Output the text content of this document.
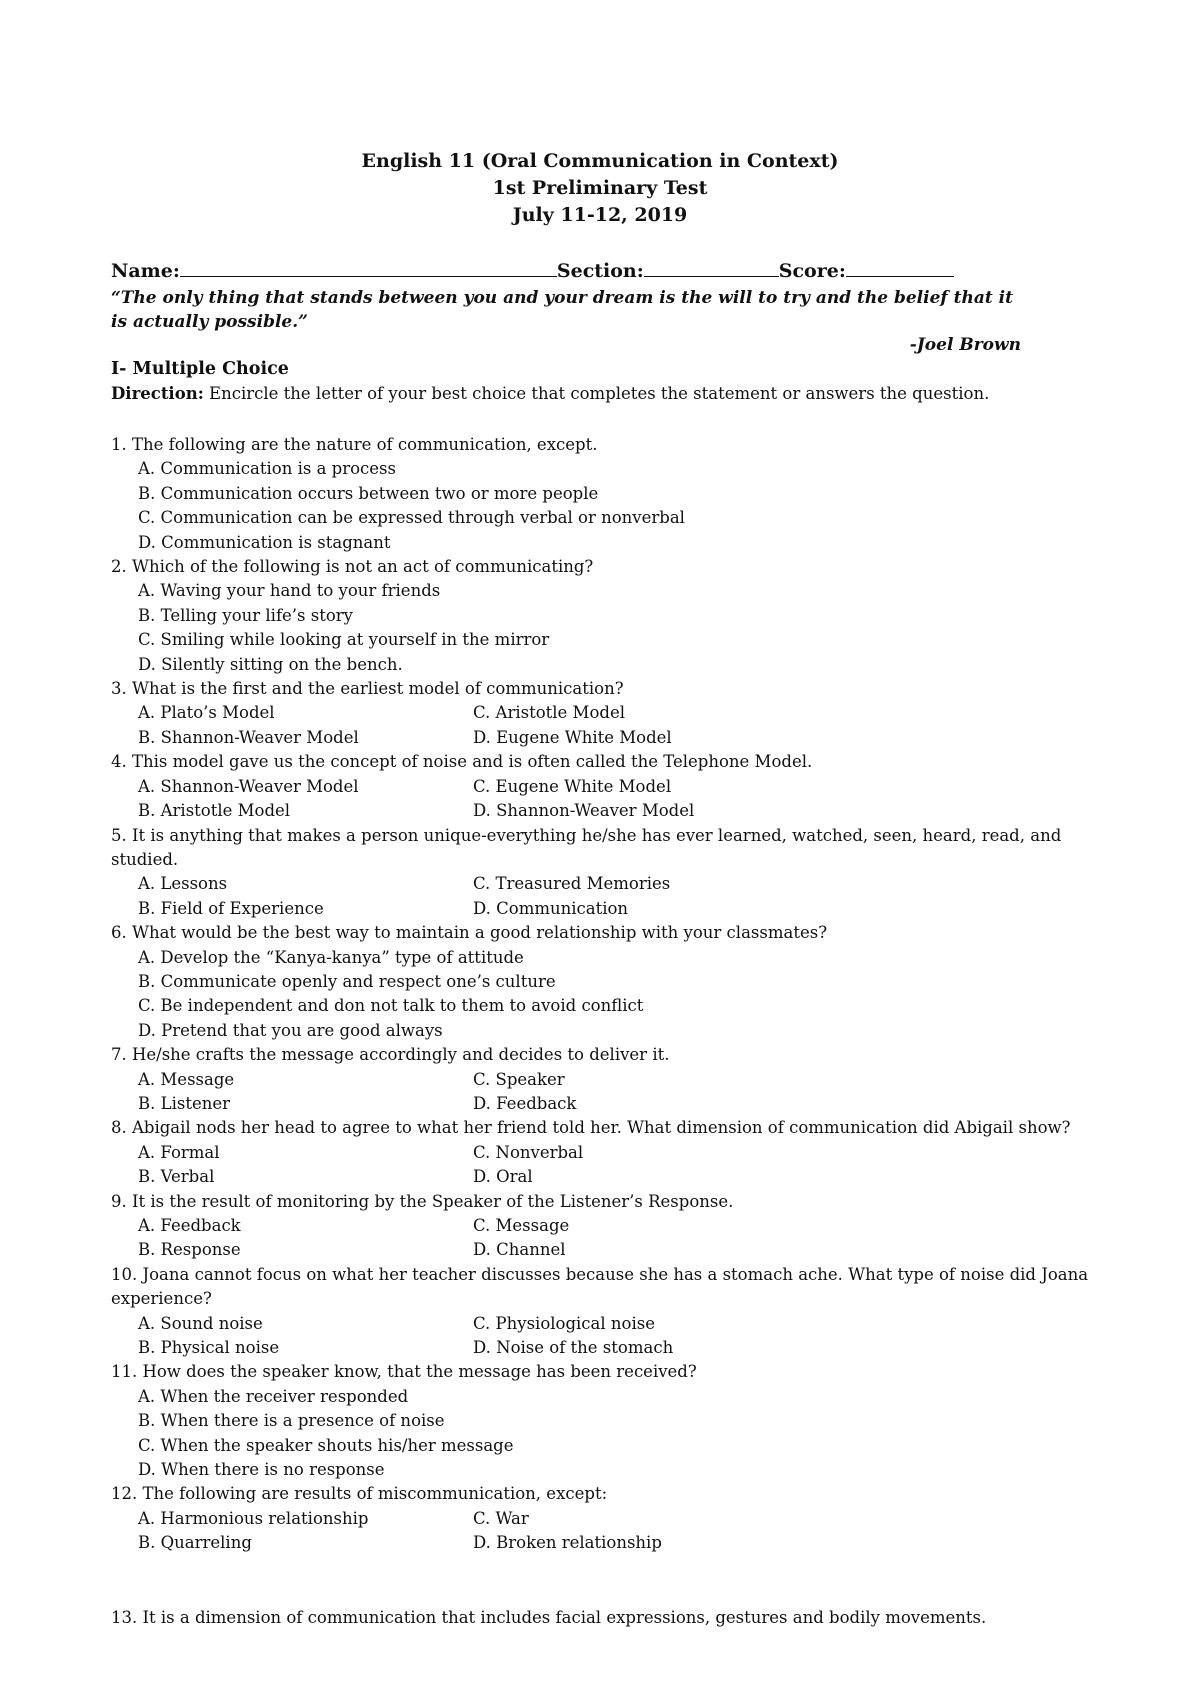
English 11 (Oral Communication in Context)
1st Preliminary Test
July 11-12, 2019
Name:	Section:	Score:
“The only thing that stands between you and your dream is the will to try and the belief that it is actually possible.”
-Joel Brown
I- Multiple Choice
Direction: Encircle the letter of your best choice that completes the statement or answers the question.
1. The following are the nature of communication, except.
A. Communication is a process
B. Communication occurs between two or more people
C. Communication can be expressed through verbal or nonverbal
D. Communication is stagnant
2. Which of the following is not an act of communicating?
A. Waving your hand to your friends
B. Telling your life’s story
C. Smiling while looking at yourself in the mirror
D. Silently sitting on the bench.
3. What is the first and the earliest model of communication?
A. Plato’s Model	C. Aristotle Model
B. Shannon-Weaver Model	D. Eugene White Model
4. This model gave us the concept of noise and is often called the Telephone Model.
A. Shannon-Weaver Model	C. Eugene White Model
B. Aristotle Model	D. Shannon-Weaver Model
5. It is anything that makes a person unique-everything he/she has ever learned, watched, seen, heard, read, and studied.
A. Lessons	C. Treasured Memories
B. Field of Experience	D. Communication
6. What would be the best way to maintain a good relationship with your classmates?
A. Develop the “Kanya-kanya” type of attitude
B. Communicate openly and respect one’s culture
C. Be independent and don not talk to them to avoid conflict
D. Pretend that you are good always
7. He/she crafts the message accordingly and decides to deliver it.
A. Message	C. Speaker
B. Listener	D. Feedback
8. Abigail nods her head to agree to what her friend told her. What dimension of communication did Abigail show?
A. Formal	C. Nonverbal
B. Verbal	D. Oral
9. It is the result of monitoring by the Speaker of the Listener’s Response.
A. Feedback	C. Message
B. Response	D. Channel
10. Joana cannot focus on what her teacher discusses because she has a stomach ache. What type of noise did Joana experience?
A. Sound noise	C. Physiological noise
B. Physical noise	D. Noise of the stomach
11. How does the speaker know, that the message has been received?
A. When the receiver responded
B. When there is a presence of noise
C. When the speaker shouts his/her message
D. When there is no response
12. The following are results of miscommunication, except:
A. Harmonious relationship	C. War
B. Quarreling	D. Broken relationship
13. It is a dimension of communication that includes facial expressions, gestures and bodily movements.
